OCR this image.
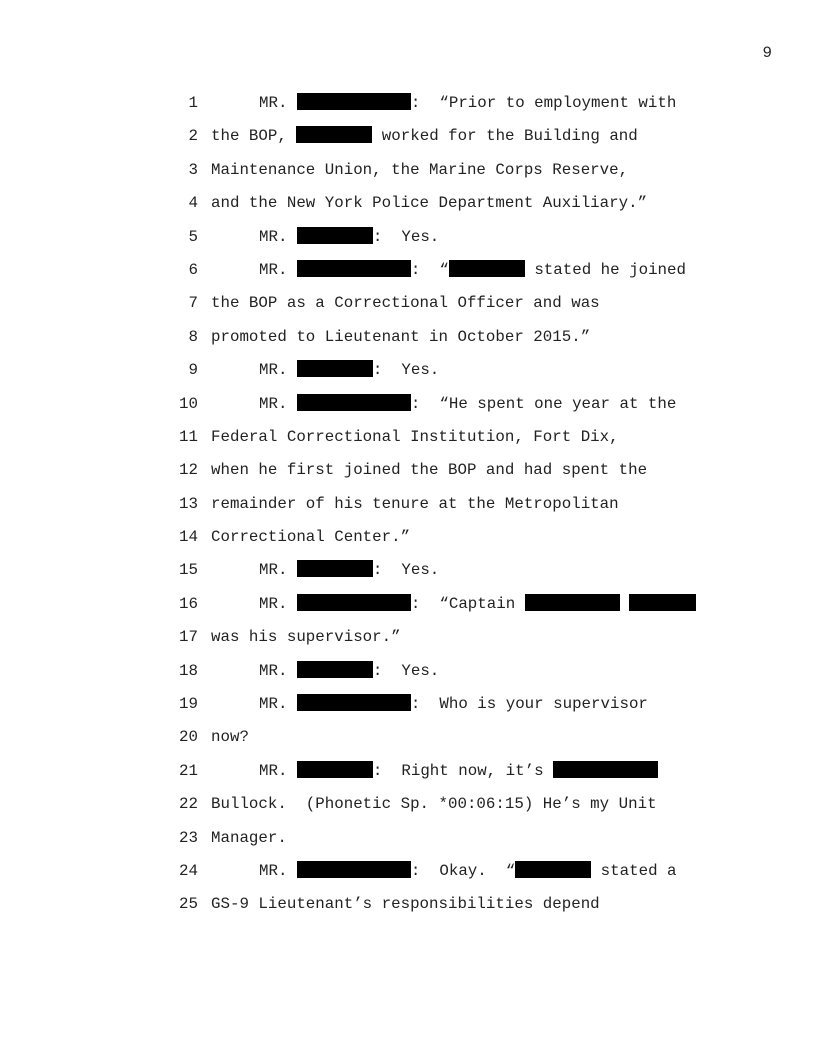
9
1	MR.	:  “Prior to employment with
2 the BOP,	worked for the Building and
3 Maintenance Union, the Marine Corps Reserve,
4 and the New York Police Department Auxiliary.”
5	MR.	:  Yes.
6	MR.	:  “	stated he joined
7 the BOP as a Correctional Officer and was
8 promoted to Lieutenant in October 2015.”
9	MR.	:  Yes.
10	MR.	:  “He spent one year at the
11 Federal Correctional Institution, Fort Dix,
12 when he first joined the BOP and had spent the
13 remainder of his tenure at the Metropolitan
14 Correctional Center.”
15	MR.	:  Yes.
16	MR.	:  “Captain
17 was his supervisor.”
18	MR.	:  Yes.
19	MR.	:  Who is your supervisor
20 now?
21	MR.	:  Right now, it’s
22 Bullock.  (Phonetic Sp. *00:06:15) He’s my Unit
23 Manager.
24	MR.	:  Okay.  “	stated a
25 GS-9 Lieutenant’s responsibilities depend
